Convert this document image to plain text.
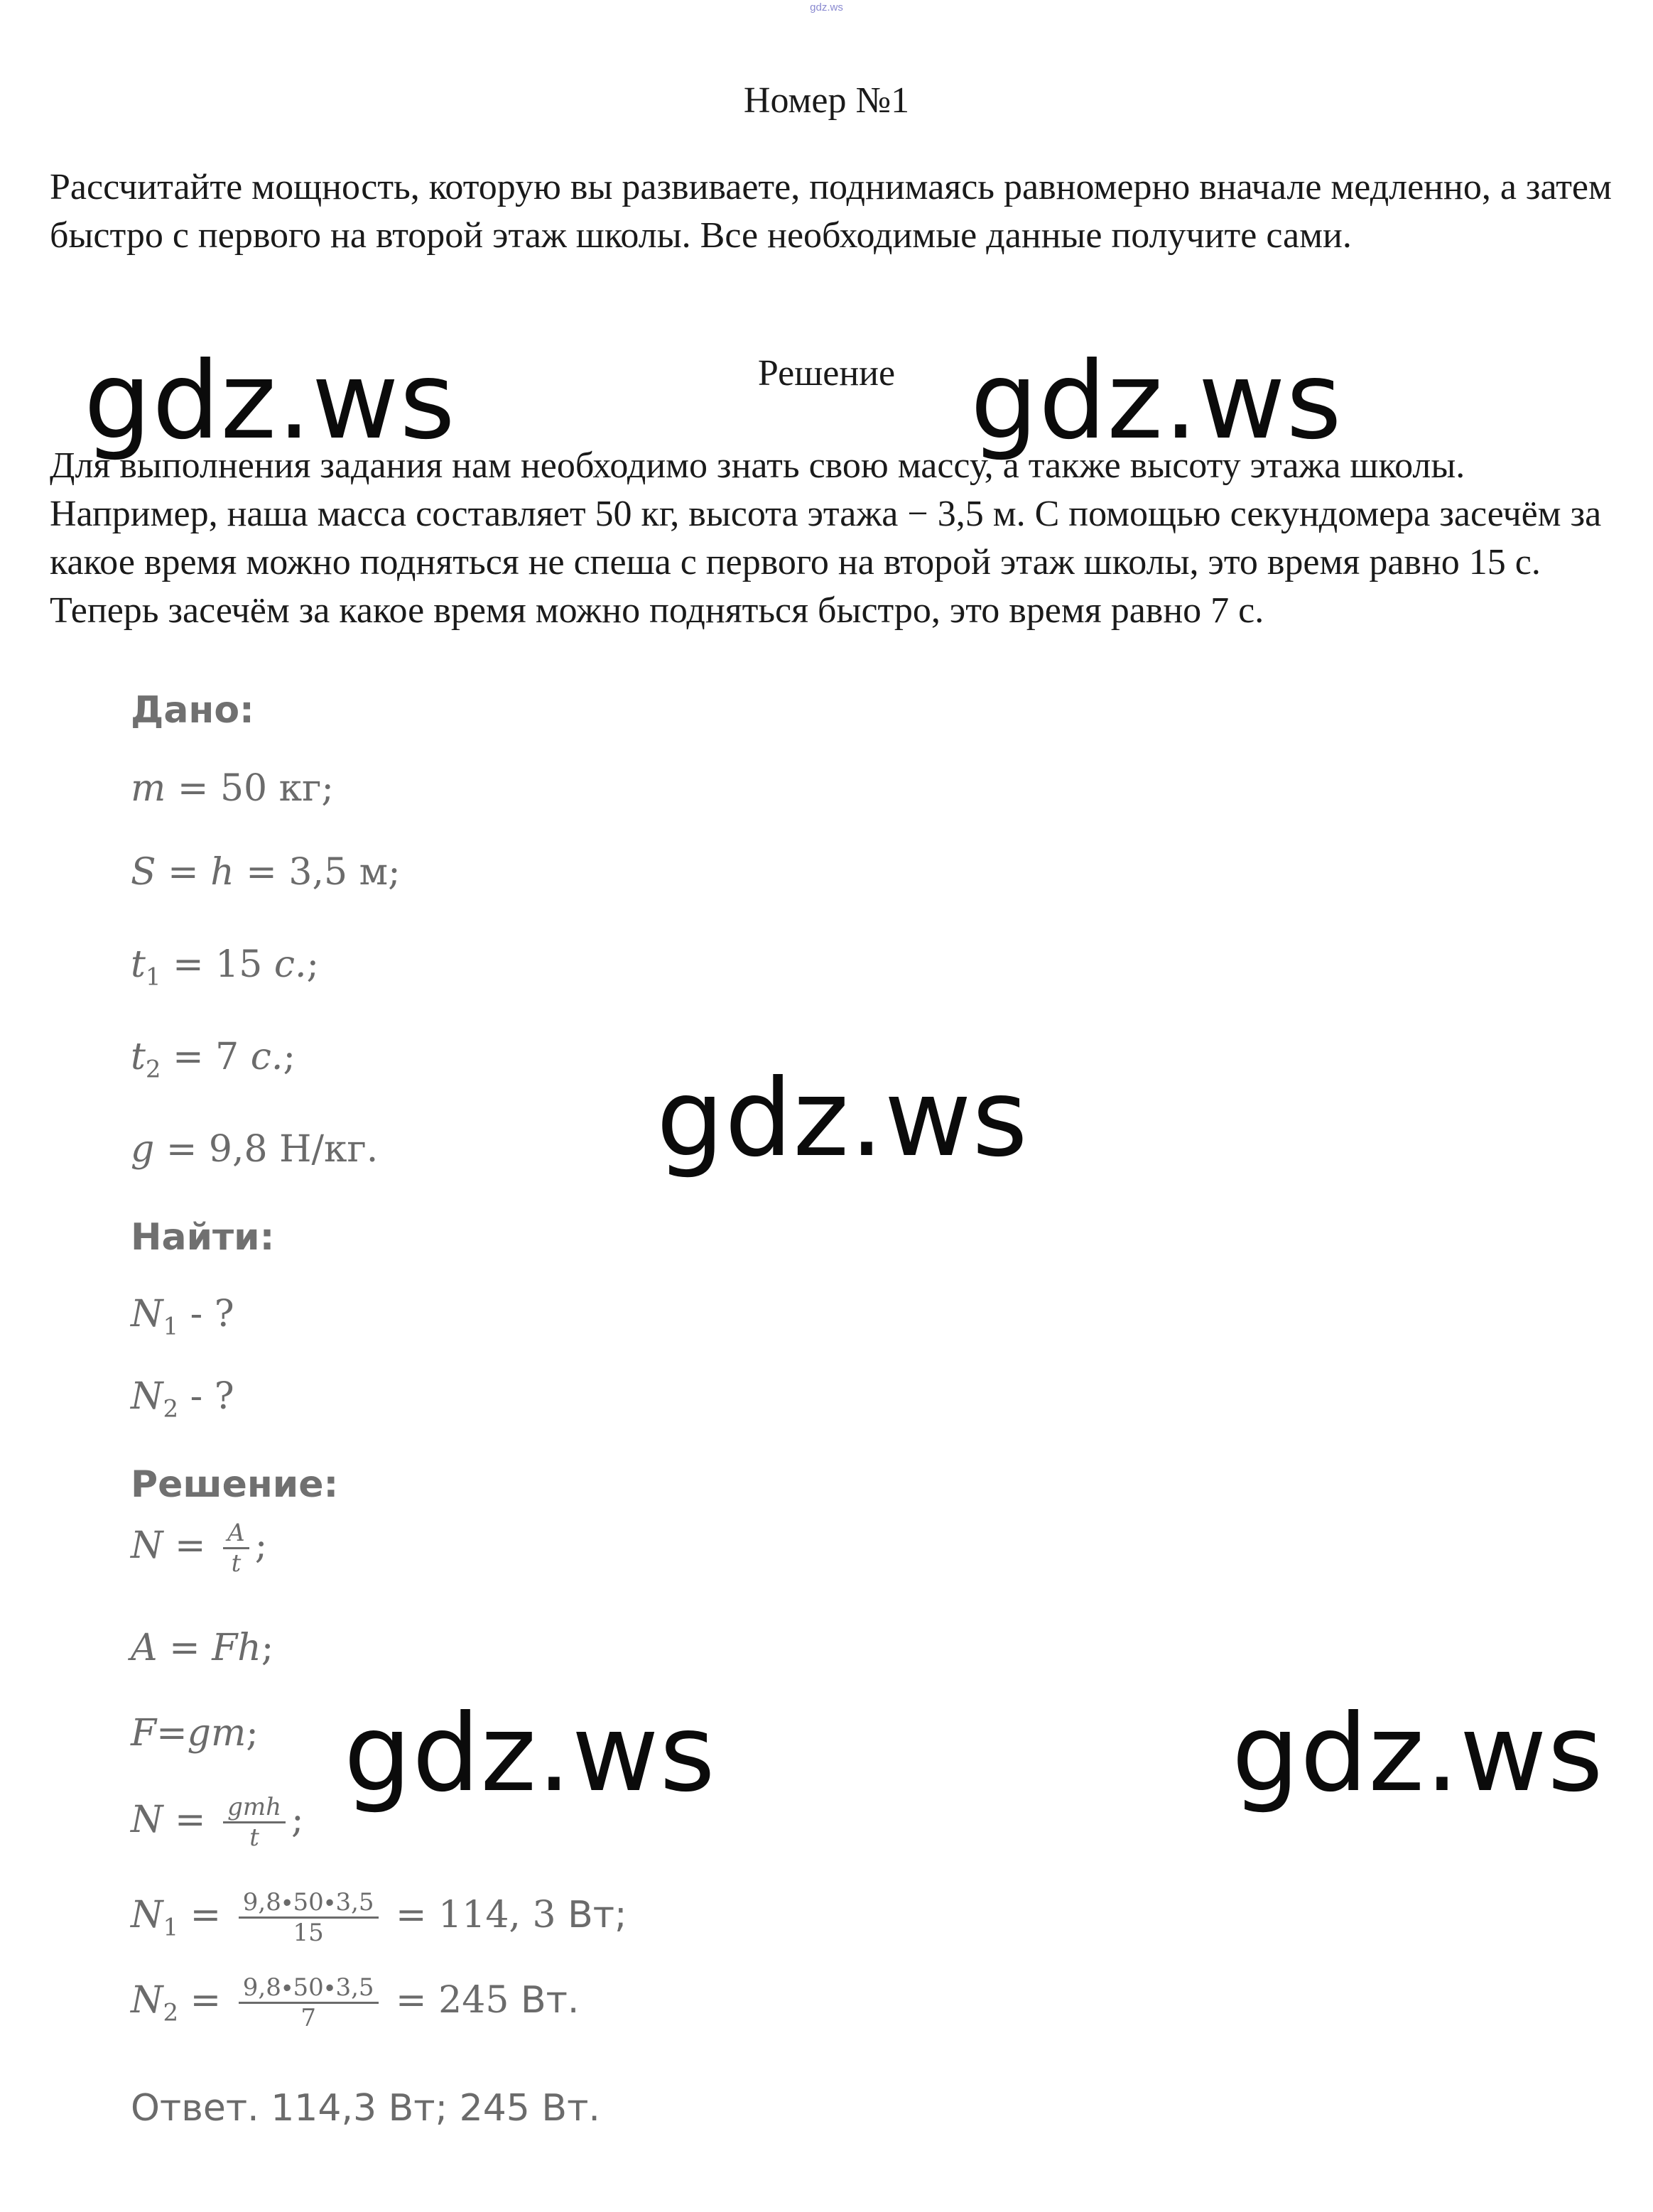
gdz.ws
Номер №1

Рассчитайте мощность, которую вы развиваете, поднимаясь равномерно вначале медленно, а затем быстро с первого на второй этаж школы. Все необходимые данные получите сами.

Решение

Для выполнения задания нам необходимо знать свою массу, а также высоту этажа школы. Например, наша масса составляет 50 кг, высота этажа − 3,5 м. С помощью секундомера засечём за какое время можно подняться не спеша с первого на второй этаж школы, это время равно 15 с. Теперь засечём за какое время можно подняться быстро, это время равно 7 с.

Дано:
m = 50 кг;
S = h = 3,5 м;
$t_1 = 15$ c.;
$t_2 = 7$ c.;
g = 9,8 Н/кг.
Найти:
$N_1$ - ?
$N_2$ - ?
Решение:
$N = \frac{A}{t}$ ;
A = Fh;
F=gm;
$N = \frac{\text{gmh}}{t}$ ;
$N_1 = \frac{9,8\cdot 50\cdot 3,5}{15} = 114$, 3 Вт;
$N_2 = \frac{9,8\cdot 50\cdot 3,5}{7} = 245$ Вт.
Ответ. 114,3 Вт; 245 Вт.
gdz.ws	gdz.ws
gdz.ws
gdz.ws	gdz.ws
